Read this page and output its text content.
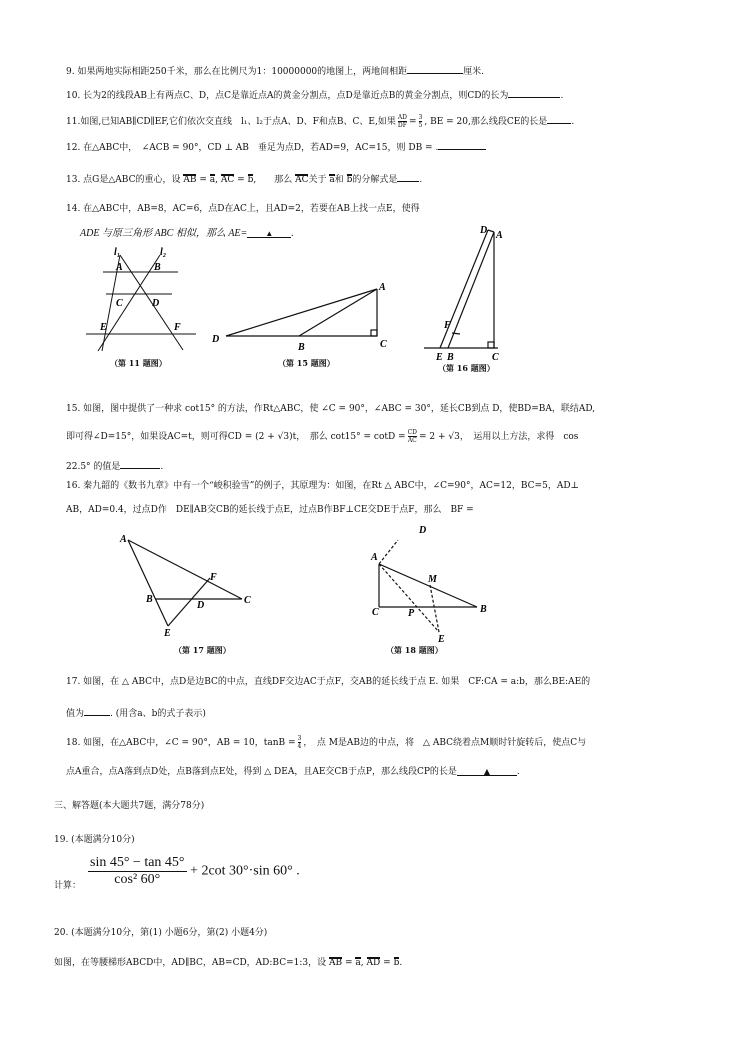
9. 如果两地实际相距250千米，那么在比例尺为1：10000000的地图上，两地间相距	厘米.
10. 长为2的线段AB上有两点C、D，点C是靠近点A的黄金分割点，点D是靠近点B的黄金分割点，则CD的长为	.
11.如图,已知AB∥CD∥EF,它们依次交直线　l₁、l₂于点A、D、F和点B、C、E,如果 $\frac{AD}{DF} = \frac{3}{5}$ , BE = 20,那么线段CE的长是	.
12. 在△ABC中，　∠ACB = 90°，CD ⊥ AB　垂足为点D，若AD=9，AC=15，则 DB = .
13. 点G是△ABC的重心，设 AB = a, AC = b,　　那么 AC关于 a和 b的分解式是 .
14. 在△ABC中，AB=8，AC=6，点D在AC上，且AD=2，若要在AB上找一点E，使得
ADE 与原三角形 ABC 相似，那么 AE= ▲ .
l₁	l₂
A	B
C	D
E	F
（第 11 题图）
D
B	C
A
（第 15 题图）
D A
F
E B	C
（第 16 题图）
15. 如图，图中提供了一种求 cot15° 的方法，作Rt△ABC，使 ∠C = 90°，∠ABC = 30°，延长CB到点 D，使BD=BA，联结AD,
即可得∠D=15°，如果设AC=t，则可得CD = (2 + √3)t，　那么 $\cot 15^\circ = \cot D = \frac{CD}{AC} = 2 + √3$，　运用以上方法，求得　cos
22.5° 的值是	.
16. 秦九韶的《数书九章》中有一个“峻积验雪”的例子，其原理为：如图，在Rt △ ABC中，∠C=90°，AC=12，BC=5，AD⊥
AB，AD=0.4，过点D作　DE∥AB交CB的延长线于点E，过点B作BF⊥CE交DE于点F，那么　BF =
A
B	C
D
E
F
（第 17 题图）
D
A
M
P
C
E
B
（第 18 题图）
17. 如图，在 △ ABC中，点D是边BC的中点，直线DF交边AC于点F，交AB的延长线于点 E. 如果　CF:CA = a:b，那么BE:AE的
值为	. (用含a、b的式子表示)
18. 如图，在△ABC中，∠C = 90°，AB = 10，$\tan B = \frac{3}{4}$ ，　点 M是AB边的中点，将　△ ABC绕着点M顺时针旋转后，使点C与
点A重合，点A落到点D处，点B落到点E处，得到 △ DEA，且AE交CB于点P，那么线段CP的长是	▲	.
三、解答题(本大题共7题，满分78分)
19. (本题满分10分)
计算： $\frac{\sin 45^\circ - \tan 45^\circ}{\text{cos² 60°}} + 2\cot$ 30°·sin 60° .
20. (本题满分10分，第(1) 小题6分，第(2) 小题4分)
如图，在等腰梯形ABCD中，AD∥BC，AB=CD，AD:BC=1:3，设 AB = a, AD = b.
